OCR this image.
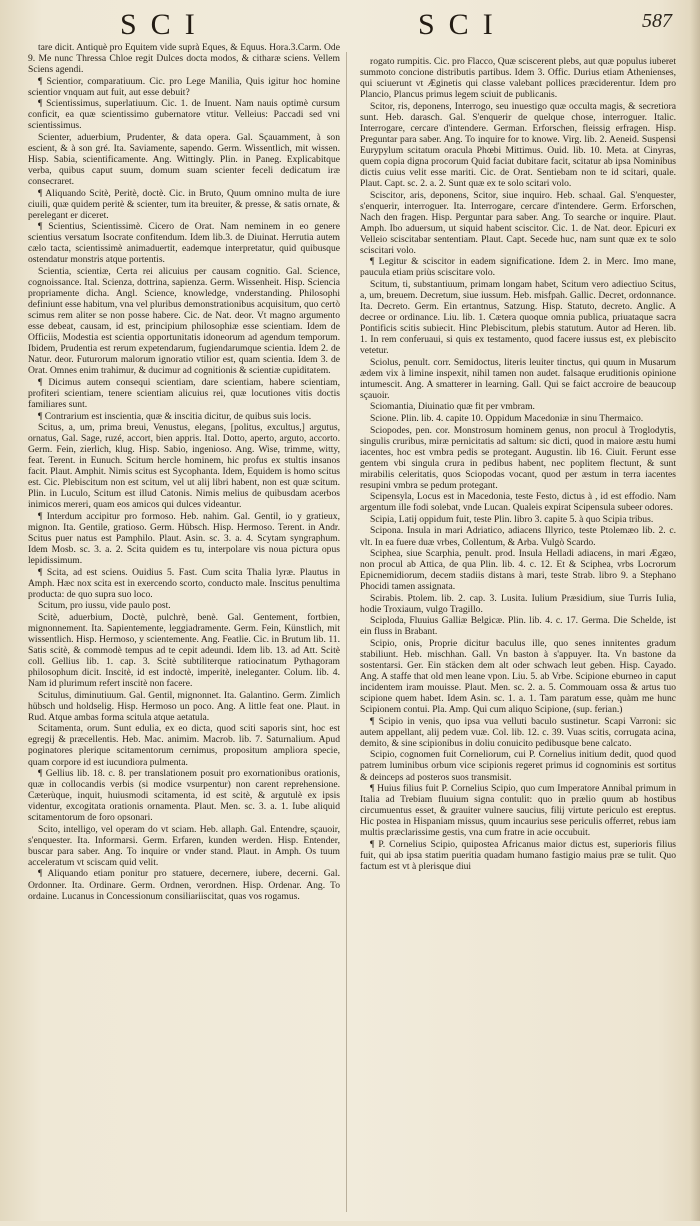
SCI	SCI	587

tare dicit. Antiquè pro Equitem vide suprà Eques, & Equus. Hora.3.Carm. Ode 9. Me nunc Thressa Chloe regit Dulces docta modos, & citharæ sciens. Vellem Sciens agendi.

¶ Scientior, comparatiuum. Cic. pro Lege Manilia, Quis igitur hoc homine scientior vnquam aut fuit, aut esse debuit?

¶ Scientissimus, superlatiuum. Cic. 1. de Inuent. Nam nauis optimè cursum conficit, ea quæ scientissimo gubernatore vtitur. Velleius: Paccadi sed vni scientissimus.

Scienter, aduerbium, Prudenter, & data opera. Gal. Sçauamment, à son escient, & à son gré. Ita. Saviamente, sapendo. Germ. Wissentlich, mit wissen. Hisp. Sabia, scientificamente. Ang. Wittingly. Plin. in Paneg. Explicabitque verba, quibus caput suum, domum suam scienter feceli dedicatum iræ consecraret.

¶ Aliquando Scitè, Peritè, doctè. Cic. in Bruto, Quum omnino multa de iure ciuili, quæ quidem peritè & scienter, tum ita breuiter, & presse, & satis ornate, & perelegant er diceret.

¶ Scientius, Scientissimè. Cicero de Orat. Nam neminem in eo genere scientius versatum Isocrate confitendum. Idem lib.3. de Diuinat. Herrutia autem cælo tacta, scientissimè animaduertit, eademque interpretatur, quid quibusque ostendatur monstris atque portentis.

Scientia, scientiæ, Certa rei alicuius per causam cognitio. Gal. Science, cognoissance. Ital. Scienza, dottrina, sapienza. Germ. Wissenheit. Hisp. Sciencia propriamente dicha. Angl. Science, knowledge, vnderstanding. Philosophi definiunt esse habitum, vna vel pluribus demonstrationibus acquisitum, quo certò scimus rem aliter se non posse habere. Cic. de Nat. deor. Vt magno argumento esse debeat, causam, id est, principium philosophiæ esse scientiam. Idem de Officiis, Modestia est scientia opportunitatis idoneorum ad agendum temporum. Ibidem, Prudentia est rerum expetendarum, fugiendarumque scientia. Idem 2. de Natur. deor. Futurorum malorum ignoratio vtilior est, quam scientia. Idem 3. de Orat. Omnes enim trahimur, & ducimur ad cognitionis & scientiæ cupiditatem.

¶ Dicimus autem consequi scientiam, dare scientiam, habere scientiam, profiteri scientiam, tenere scientiam alicuius rei, quæ locutiones vitis doctis familiares sunt.

¶ Contrarium est inscientia, quæ & inscitia dicitur, de quibus suis locis.

Scitus, a, um, prima breui, Venustus, elegans, [politus, excultus,] argutus, ornatus, Gal. Sage, ruzé, accort, bien appris. Ital. Dotto, aperto, arguto, accorto. Germ. Fein, zierlich, klug. Hisp. Sabio, ingenioso. Ang. Wise, trimme, witty, feat. Terent. in Eunuch. Scitum hercle hominem, hic profus ex stultis insanos facit. Plaut. Amphit. Nimis scitus est Sycophanta. Idem, Equidem is homo scitus est. Cic. Plebiscitum non est scitum, vel ut alij libri habent, non est quæ scitum. Plin. in Luculo, Scitum est illud Catonis. Nimis melius de quibusdam acerbos inimicos mereri, quam eos amicos qui dulces videantur.

¶ Interdum accipitur pro formoso. Heb. nahim. Gal. Gentil, io y gratieux, mignon. Ita. Gentile, gratioso. Germ. Hübsch. Hisp. Hermoso. Terent. in Andr. Scitus puer natus est Pamphilo. Plaut. Asin. sc. 3. a. 4. Scytam syngraphum. Idem Mosb. sc. 3. a. 2. Scita quidem es tu, interpolare vis noua pictura opus lepidissimum.

¶ Scita, ad est sciens. Ouidius 5. Fast. Cum scita Thalia lyræ. Plautus in Amph. Hæc nox scita est in exercendo scorto, conducto male. Inscitus penultima producta: de quo supra suo loco.

Scitum, pro iussu, vide paulo post.

Scitè, aduerbium, Doctè, pulchrè, benè. Gal. Gentement, fortbien, mignonnement. Ita. Sapientemente, leggiadramente. Germ. Fein, Künstlich, mit wissentlich. Hisp. Hermoso, y scientemente. Ang. Featlie. Cic. in Brutum lib. 11. Satis scitè, & commodè tempus ad te cepit adeundi. Idem lib. 13. ad Att. Scitè coll. Gellius lib. 1. cap. 3. Scitè subtiliterque ratiocinatum Pythagoram philosophum dicit. Inscitè, id est indoctè, imperitè, ineleganter. Colum. lib. 4. Nam id plurimum refert inscitè non facere.

Scitulus, diminutiuum. Gal. Gentil, mignonnet. Ita. Galantino. Germ. Zimlich hübsch und holdselig. Hisp. Hermoso un poco. Ang. A little feat one. Plaut. in Rud. Atque ambas forma scitula atque aetatula.

Scitamenta, orum. Sunt edulia, ex eo dicta, quod sciti saporis sint, hoc est egregij & præcellentis. Heb. Mac. animim. Macrob. lib. 7. Saturnalium. Apud poginatores plerique scitamentorum cernimus, propositum ampliora specie, quam corpore id est iucundiora pulmenta.

¶ Gellius lib. 18. c. 8. per translationem posuit pro exornationibus orationis, quæ in collocandis verbis (si modice vsurpentur) non carent reprehensione. Cæterùque, inquit, huiusmodi scitamenta, id est scitè, & argutulè ex ipsis videntur, excogitata orationis ornamenta. Plaut. Men. sc. 3. a. 1. Iube aliquid scitamentorum de foro opsonari.

Scito, intelligo, vel operam do vt sciam. Heb. allaph. Gal. Entendre, sçauoir, s'enquester. Ita. Informarsi. Germ. Erfaren, kunden werden. Hisp. Entender, buscar para saber. Ang. To inquire or vnder stand. Plaut. in Amph. Os tuum acceleratum vt sciscam quid velit.

¶ Aliquando etiam ponitur pro statuere, decernere, iubere, decerni. Gal. Ordonner. Ita. Ordinare. Germ. Ordnen, verordnen. Hisp. Ordenar. Ang. To ordaine. Lucanus in Concessionum consiliariiscitat, quas vos rogamus.

rogato rumpitis. Cic. pro Flacco, Quæ sciscerent plebs, aut quæ populus iuberet summoto concione distributis partibus. Idem 3. Offic. Durius etiam Athenienses, qui sciuerunt vt Æginetis qui classe valebant pollices præciderentur. Idem pro Plancio, Plancus primus legem sciuit de publicanis.

Scitor, ris, deponens, Interrogo, seu inuestigo quæ occulta magis, & secretiora sunt. Heb. darasch. Gal. S'enquerir de quelque chose, interroguer. Italic. Interrogare, cercare d'intendere. German. Erforschen, fleissig erfragen. Hisp. Preguntar para saber. Ang. To inquire for to knowe. Virg. lib. 2. Aeneid. Suspensi Eurypylum scitatum oracula Phœbi Mittimus. Ouid. lib. 10. Meta. at Cinyras, quem copia digna procorum Quid faciat dubitare facit, scitatur ab ipsa Nominibus dictis cuius velit esse mariti. Cic. de Orat. Sentiebam non te id scitari, quale. Plaut. Capt. sc. 2. a. 2. Sunt quæ ex te solo scitari volo.

Sciscitor, aris, deponens, Scitor, siue inquiro. Heb. schaal. Gal. S'enquester, s'enquerir, interroguer. Ita. Interrogare, cercare d'intendere. Germ. Erforschen, Nach den fragen. Hisp. Perguntar para saber. Ang. To searche or inquire. Plaut. Amph. Ibo aduersum, ut siquid habent sciscitor. Cic. 1. de Nat. deor. Epicuri ex Velleio sciscitabar sententiam. Plaut. Capt. Secede huc, nam sunt quæ ex te solo sciscitari volo.

¶ Legitur & sciscitor in eadem significatione. Idem 2. in Merc. Imo mane, paucula etiam priùs sciscitare volo.

Scitum, ti, substantiuum, primam longam habet, Scitum vero adiectiuo Scitus, a, um, breuem. Decretum, siue iussum. Heb. misfpah. Gallic. Decret, ordonnance. Ita. Decreto. Germ. Ein ertantnus, Satzung. Hisp. Statuto, decreto. Anglic. A decree or ordinance. Liu. lib. 1. Cætera quoque omnia publica, priuataque sacra Pontificis scitis subiecit. Hinc Plebiscitum, plebis statutum. Autor ad Heren. lib. 1. In rem conferuaui, si quis ex testamento, quod facere iussus est, ex plebiscito vetetur.

Sciolus, penult. corr. Semidoctus, literis leuiter tinctus, qui quum in Musarum ædem vix à limine inspexit, nihil tamen non audet. falsaque eruditionis opinione intumescit. Ang. A smatterer in learning. Gall. Qui se faict accroire de beaucoup sçauoir.

Sciomantia, Diuinatio quæ fit per vmbram.

Scione. Plin. lib. 4. capite 10. Oppidum Macedoniæ in sinu Thermaico.

Sciopodes, pen. cor. Monstrosum hominem genus, non procul à Troglodytis, singulis cruribus, miræ pernicitatis ad saltum: sic dicti, quod in maiore æstu humi iacentes, hoc est vmbra pedis se protegant. Augustin. lib 16. Ciuit. Ferunt esse gentem vbi singula crura in pedibus habent, nec poplitem flectunt, & sunt mirabilis celeritatis, quos Sciopodas vocant, quod per æstum in terra iacentes resupini vmbra se pedum protegant.

Scipensyla, Locus est in Macedonia, teste Festo, dictus à , id est effodio. Nam argentum ille fodi solebat, vnde Lucan. Qualeis expirat Scipensula subeer odores.

Scipia, Latij oppidum fuit, teste Plin. libro 3. capite 5. à quo Scipia tribus.

Scipona. Insula in mari Adriatico, adiacens Illyrico, teste Ptolemæo lib. 2. c. vlt. In ea fuere duæ vrbes, Collentum, & Arba. Vulgò Scardo.

Sciphea, siue Scarphia, penult. prod. Insula Helladi adiacens, in mari Ægæo, non procul ab Attica, de qua Plin. lib. 4. c. 12. Et & Sciphea, vrbs Locrorum Epicnemidiorum, decem stadiis distans à mari, teste Strab. libro 9. a Stephano Phocidi tamen assignata.

Scirabis. Ptolem. lib. 2. cap. 3. Lusita. Iulium Præsidium, siue Turris Iulia, hodie Troxiaum, vulgo Tragillo.

Sciploda, Fluuius Galliæ Belgicæ. Plin. lib. 4. c. 17. Germa. Die Schelde, ist ein fluss in Brabant.

Scipio, onis, Proprie dicitur baculus ille, quo senes innitentes gradum stabiliunt. Heb. mischhan. Gall. Vn baston à s'appuyer. Ita. Vn bastone da sostentarsi. Ger. Ein stäcken dem alt oder schwach leut geben. Hisp. Cayado. Ang. A staffe that old men leane vpon. Liu. 5. ab Vrbe. Scipione eburneo in caput incidentem iram mouisse. Plaut. Men. sc. 2. a. 5. Commouam ossa & artus tuo scipione quem habet. Idem Asin. sc. 1. a. 1. Tam paratum esse, quàm me hunc Scipionem contui. Pla. Amp. Qui cum aliquo Scipione, (sup. ferian.)

¶ Scipio in venis, quo ipsa vua velluti baculo sustinetur. Scapi Varroni: sic autem appellant, alij pedem vuæ. Col. lib. 12. c. 39. Vuas scitis, corrugata acina, demito, & sine scipionibus in doliu conuicito pedibusque bene calcato.

Scipio, cognomen fuit Corneliorum, cui P. Cornelius initium dedit, quod quod patrem luminibus orbum vice scipionis regeret primus id cognominis est sortitus & deinceps ad posteros suos transmisit.

¶ Huius filius fuit P. Cornelius Scipio, quo cum Imperatore Annibal primum in Italia ad Trebiam fluuium signa contulit: quo in prælio quum ab hostibus circumuentus esset, & grauiter vulnere saucius, filij virtute periculo est ereptus. Hic postea in Hispaniam missus, quum incaurius sese periculis offerret, rebus iam multis præclarissime gestis, vna cum fratre in acie occubuit.

¶ P. Cornelius Scipio, quipostea Africanus maior dictus est, superioris filius fuit, qui ab ipsa statim pueritia quadam humano fastigio maius præ se tulit. Quo factum est vt à plerisque diui
